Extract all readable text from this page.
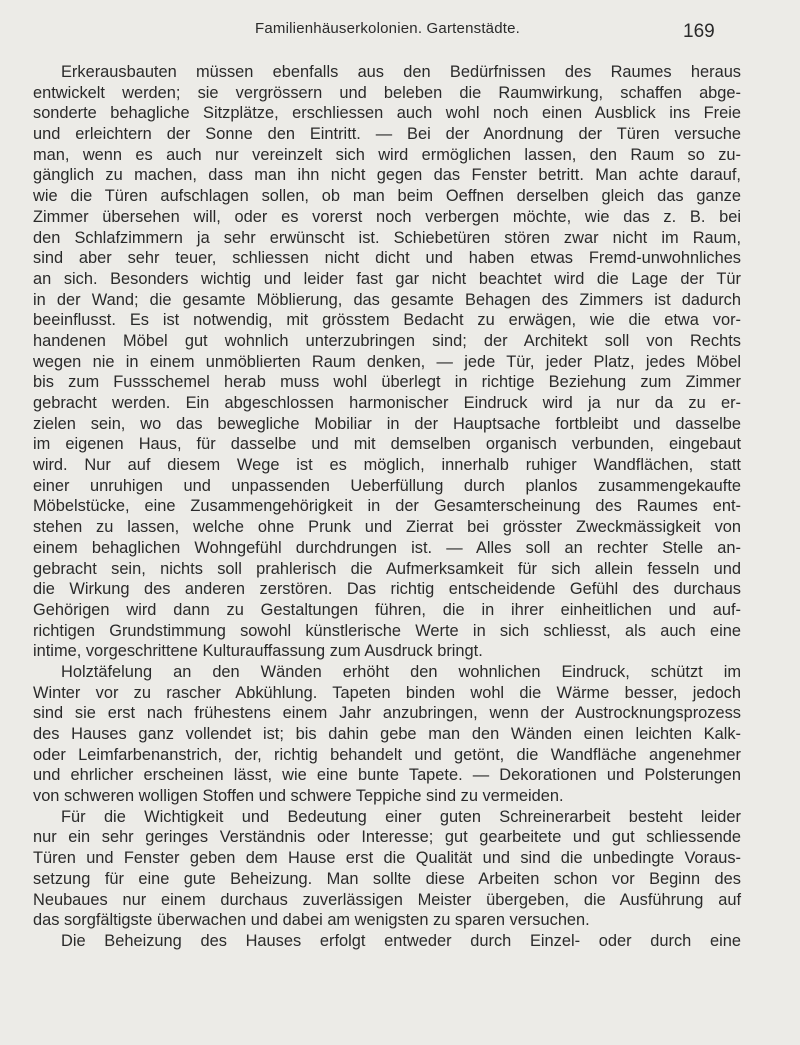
Familienhäuserkolonien. Gartenstädte.	169
Erkerausbauten müssen ebenfalls aus den Bedürfnissen des Raumes heraus
entwickelt werden; sie vergrössern und beleben die Raumwirkung, schaffen abge-
sonderte behagliche Sitzplätze, erschliessen auch wohl noch einen Ausblick ins Freie
und erleichtern der Sonne den Eintritt. — Bei der Anordnung der Türen versuche
man, wenn es auch nur vereinzelt sich wird ermöglichen lassen, den Raum so zu-
gänglich zu machen, dass man ihn nicht gegen das Fenster betritt. Man achte darauf,
wie die Türen aufschlagen sollen, ob man beim Oeffnen derselben gleich das ganze
Zimmer übersehen will, oder es vorerst noch verbergen möchte, wie das z. B. bei
den Schlafzimmern ja sehr erwünscht ist. Schiebetüren stören zwar nicht im Raum,
sind aber sehr teuer, schliessen nicht dicht und haben etwas Fremd-unwohnliches
an sich. Besonders wichtig und leider fast gar nicht beachtet wird die Lage der Tür
in der Wand; die gesamte Möblierung, das gesamte Behagen des Zimmers ist dadurch
beeinflusst. Es ist notwendig, mit grösstem Bedacht zu erwägen, wie die etwa vor-
handenen Möbel gut wohnlich unterzubringen sind; der Architekt soll von Rechts
wegen nie in einem unmöblierten Raum denken, — jede Tür, jeder Platz, jedes Möbel
bis zum Fussschemel herab muss wohl überlegt in richtige Beziehung zum Zimmer
gebracht werden. Ein abgeschlossen harmonischer Eindruck wird ja nur da zu er-
zielen sein, wo das bewegliche Mobiliar in der Hauptsache fortbleibt und dasselbe
im eigenen Haus, für dasselbe und mit demselben organisch verbunden, eingebaut
wird. Nur auf diesem Wege ist es möglich, innerhalb ruhiger Wandflächen, statt
einer unruhigen und unpassenden Ueberfüllung durch planlos zusammengekaufte
Möbelstücke, eine Zusammengehörigkeit in der Gesamterscheinung des Raumes ent-
stehen zu lassen, welche ohne Prunk und Zierrat bei grösster Zweckmässigkeit von
einem behaglichen Wohngefühl durchdrungen ist. — Alles soll an rechter Stelle an-
gebracht sein, nichts soll prahlerisch die Aufmerksamkeit für sich allein fesseln und
die Wirkung des anderen zerstören. Das richtig entscheidende Gefühl des durchaus
Gehörigen wird dann zu Gestaltungen führen, die in ihrer einheitlichen und auf-
richtigen Grundstimmung sowohl künstlerische Werte in sich schliesst, als auch eine
intime, vorgeschrittene Kulturauffassung zum Ausdruck bringt.
Holztäfelung an den Wänden erhöht den wohnlichen Eindruck, schützt im
Winter vor zu rascher Abkühlung. Tapeten binden wohl die Wärme besser, jedoch
sind sie erst nach frühestens einem Jahr anzubringen, wenn der Austrocknungsprozess
des Hauses ganz vollendet ist; bis dahin gebe man den Wänden einen leichten Kalk-
oder Leimfarbenanstrich, der, richtig behandelt und getönt, die Wandfläche angenehmer
und ehrlicher erscheinen lässt, wie eine bunte Tapete. — Dekorationen und Polsterungen
von schweren wolligen Stoffen und schwere Teppiche sind zu vermeiden.
Für die Wichtigkeit und Bedeutung einer guten Schreinerarbeit besteht leider
nur ein sehr geringes Verständnis oder Interesse; gut gearbeitete und gut schliessende
Türen und Fenster geben dem Hause erst die Qualität und sind die unbedingte Voraus-
setzung für eine gute Beheizung. Man sollte diese Arbeiten schon vor Beginn des
Neubaues nur einem durchaus zuverlässigen Meister übergeben, die Ausführung auf
das sorgfältigste überwachen und dabei am wenigsten zu sparen versuchen.
Die Beheizung des Hauses erfolgt entweder durch Einzel- oder durch eine
